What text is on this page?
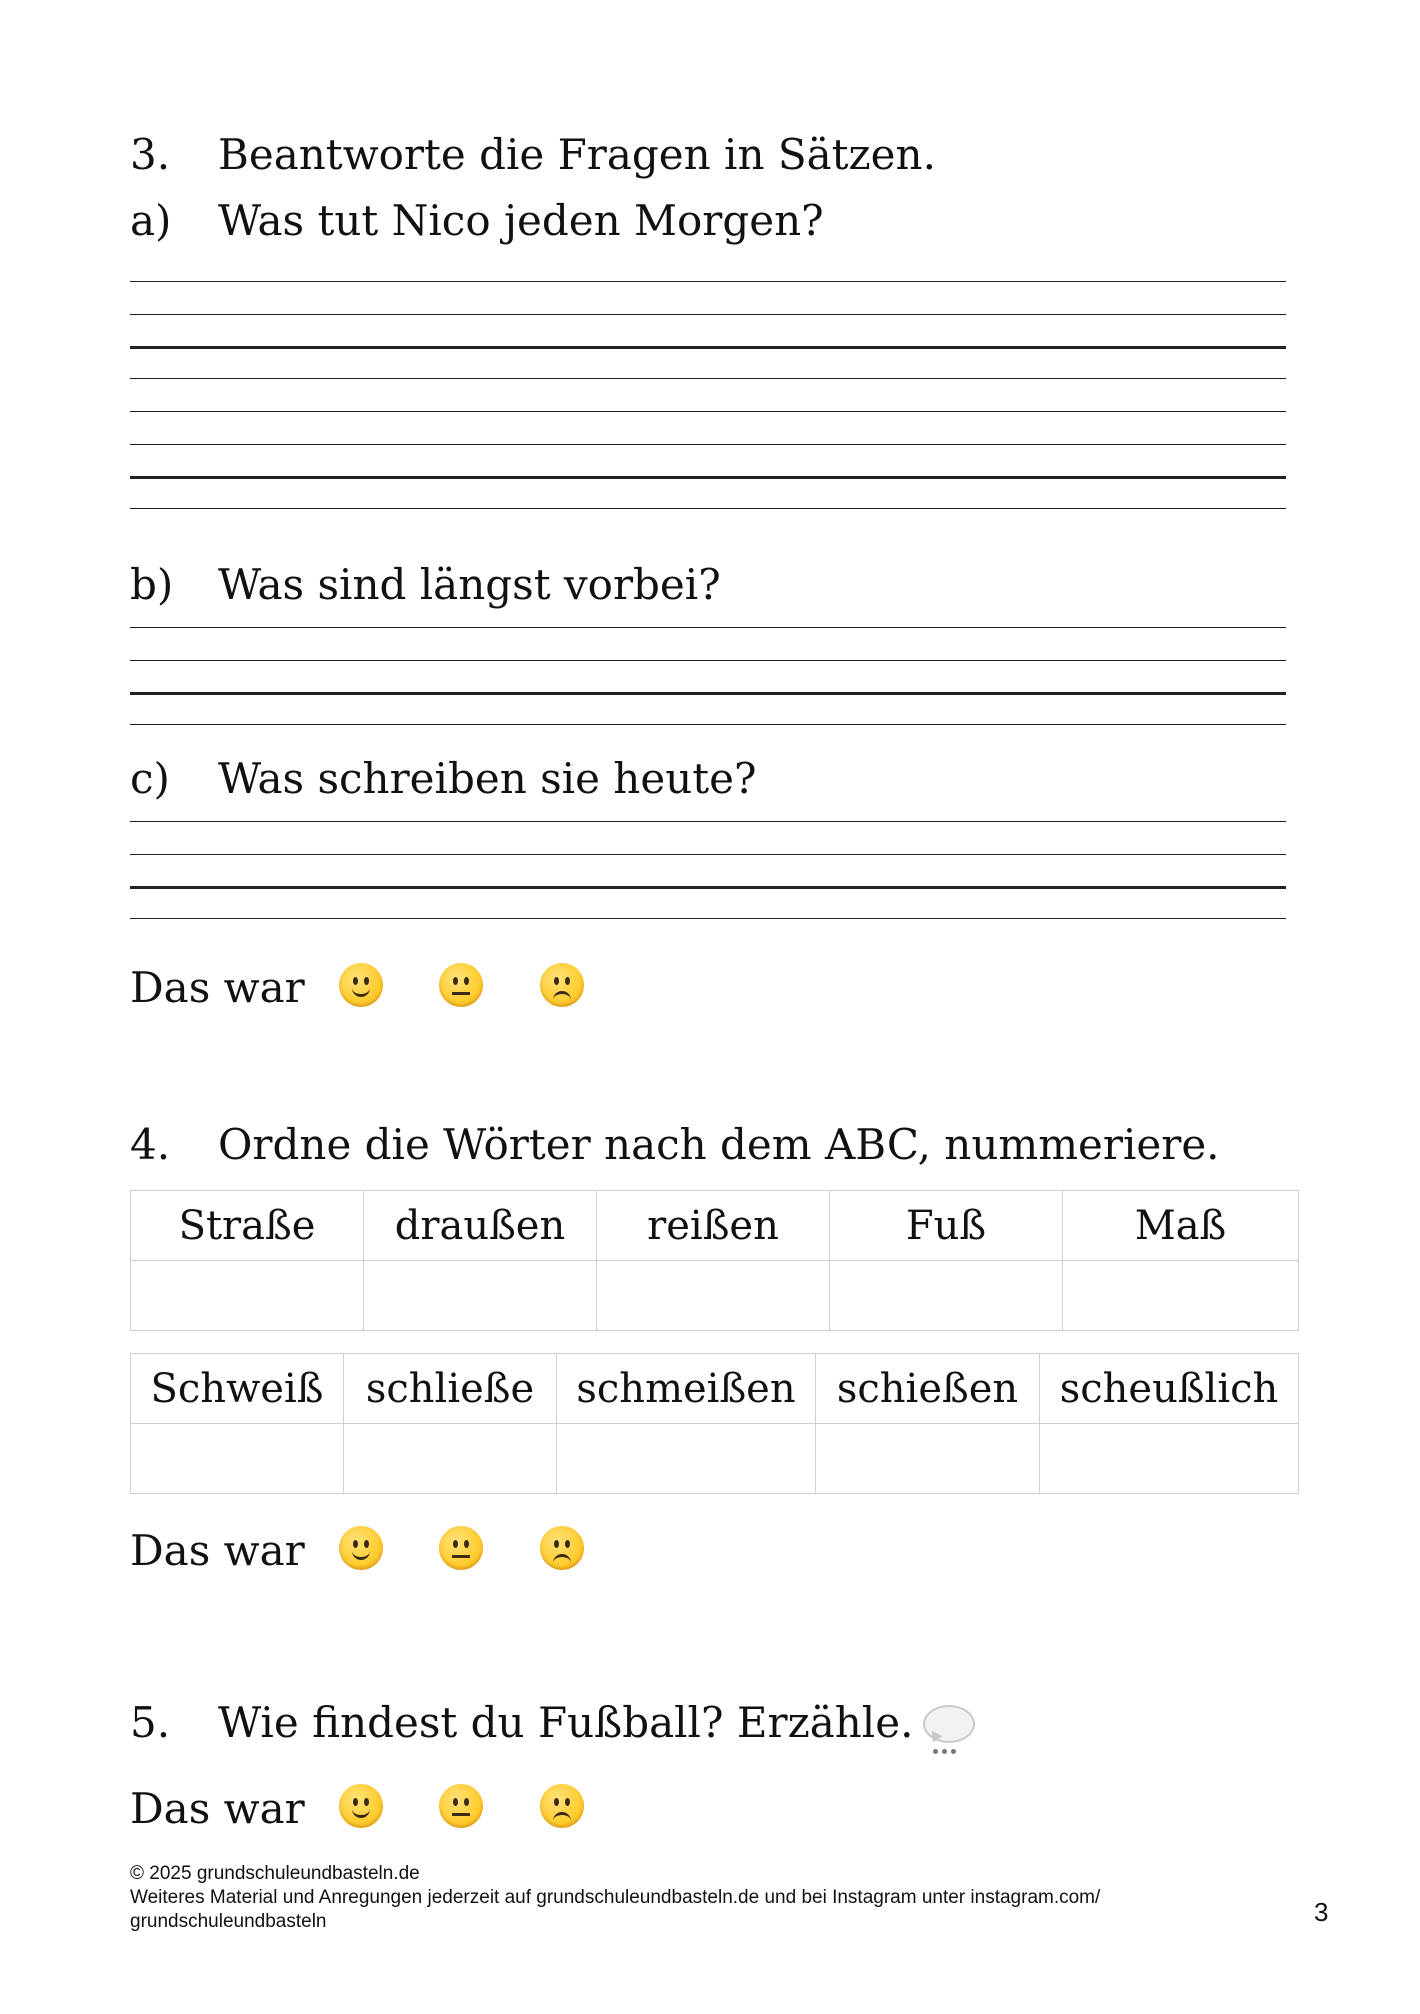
3. Beantworte die Fragen in Sätzen.
a) Was tut Nico jeden Morgen?
b) Was sind längst vorbei?
c) Was schreiben sie heute?
Das war
4. Ordne die Wörter nach dem ABC, nummeriere.
Straße	draußen	reißen	Fuß	Maß

Schweiß	schließe	schmeißen	schießen	scheußlich

Das war
5. Wie findest du Fußball? Erzähle.
Das war
© 2025 grundschuleundbasteln.de
Weiteres Material und Anregungen jederzeit auf grundschuleundbasteln.de und bei Instagram unter instagram.com/
grundschuleundbasteln	3
